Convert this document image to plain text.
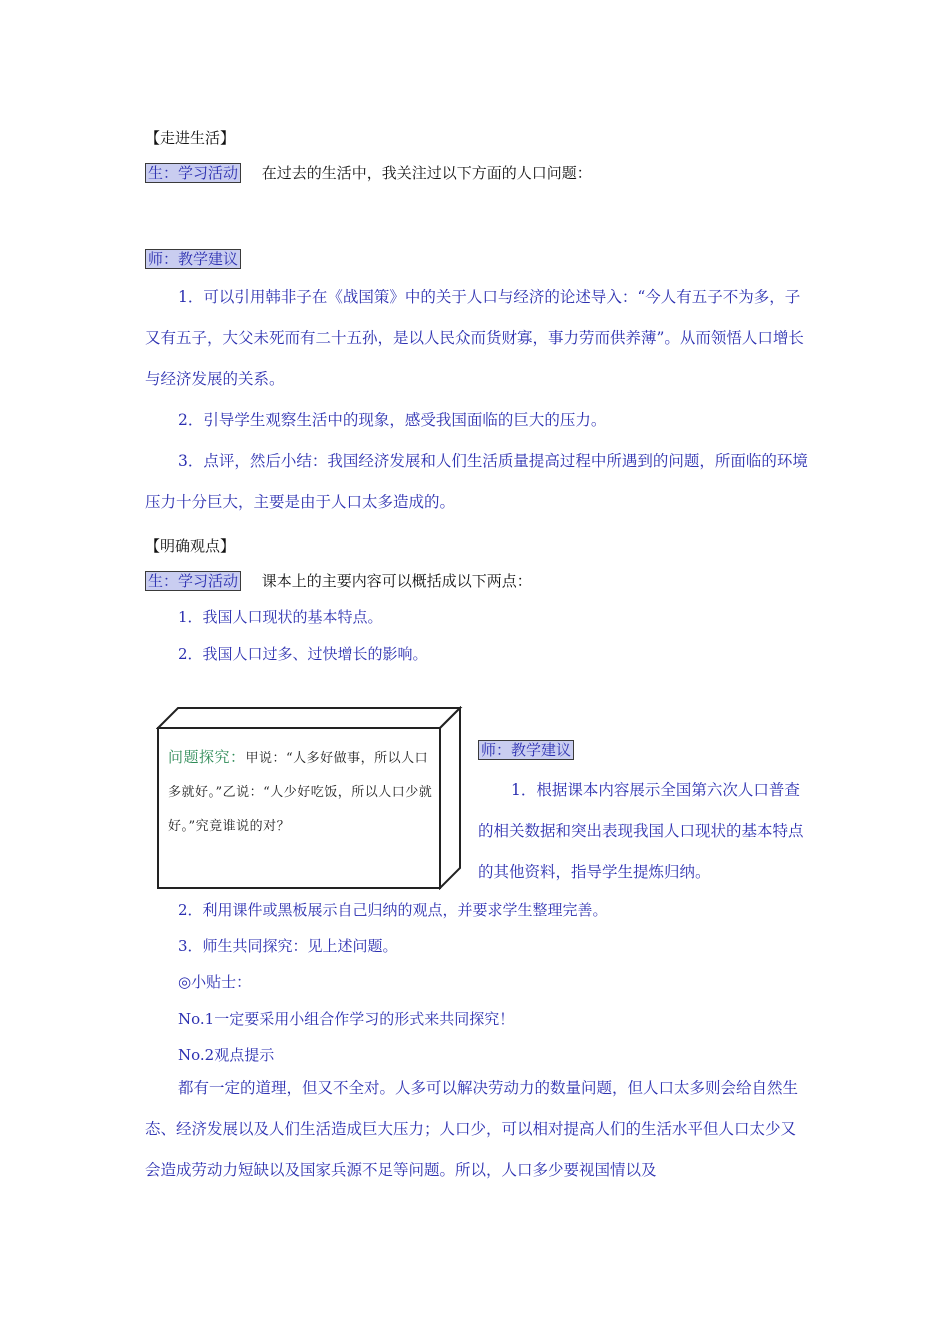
【走进生活】
生：学习活动 在过去的生活中，我关注过以下方面的人口问题：
师：教学建议

1．可以引用韩非子在《战国策》中的关于人口与经济的论述导入：“今人有五子不为多，子又有五子，大父未死而有二十五孙，是以人民众而货财寡，事力劳而供养薄”。从而领悟人口增长与经济发展的关系。

2．引导学生观察生活中的现象，感受我国面临的巨大的压力。

3．点评，然后小结：我国经济发展和人们生活质量提高过程中所遇到的问题，所面临的环境压力十分巨大，主要是由于人口太多造成的。

【明确观点】
生：学习活动 课本上的主要内容可以概括成以下两点：
1．我国人口现状的基本特点。
2．我国人口过多、过快增长的影响。
问题探究：甲说：“人多好做事，所以人口多就好。”乙说：“人少好吃饭，所以人口少就好。”究竟谁说的对？
师：教学建议

1．根据课本内容展示全国第六次人口普查的相关数据和突出表现我国人口现状的基本特点的其他资料，指导学生提炼归纳。

2．利用课件或黑板展示自己归纳的观点，并要求学生整理完善。
3．师生共同探究：见上述问题。
◎小贴士：
No.1一定要采用小组合作学习的形式来共同探究！
No.2观点提示

都有一定的道理，但又不全对。人多可以解决劳动力的数量问题，但人口太多则会给自然生态、经济发展以及人们生活造成巨大压力；人口少，可以相对提高人们的生活水平但人口太少又会造成劳动力短缺以及国家兵源不足等问题。所以，人口多少要视国情以及
